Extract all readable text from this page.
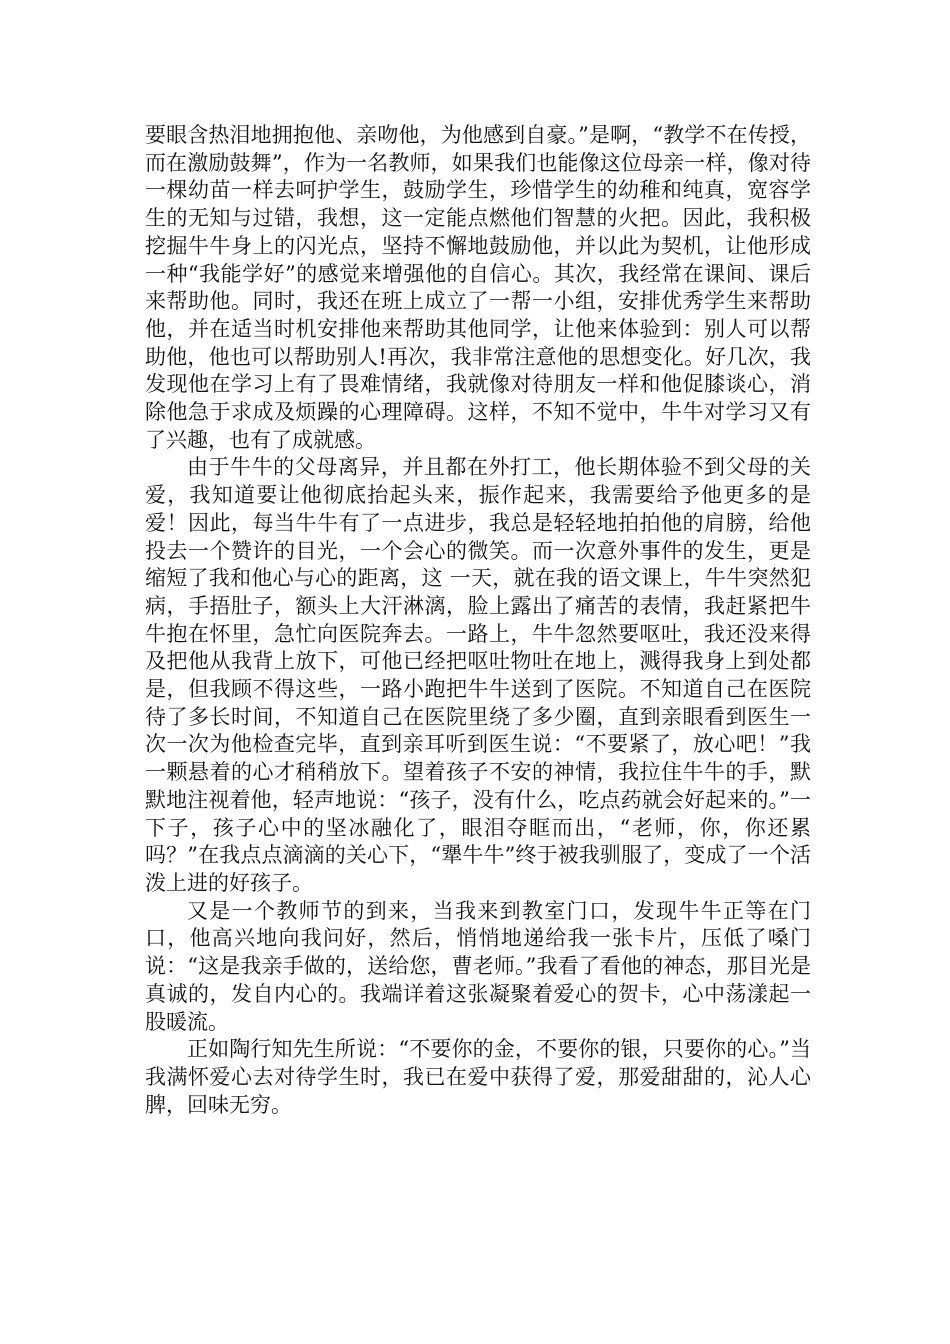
要眼含热泪地拥抱他、亲吻他，为他感到自豪。”是啊，“教学不在传授，而在激励鼓舞”，作为一名教师，如果我们也能像这位母亲一样，像对待一棵幼苗一样去呵护学生，鼓励学生，珍惜学生的幼稚和纯真，宽容学生的无知与过错，我想，这一定能点燃他们智慧的火把。因此，我积极挖掘牛牛身上的闪光点，坚持不懈地鼓励他，并以此为契机，让他形成一种“我能学好”的感觉来增强他的自信心。其次，我经常在课间、课后来帮助他。同时，我还在班上成立了一帮一小组，安排优秀学生来帮助他，并在适当时机安排他来帮助其他同学，让他来体验到：别人可以帮助他，他也可以帮助别人!再次，我非常注意他的思想变化。好几次，我发现他在学习上有了畏难情绪，我就像对待朋友一样和他促膝谈心，消除他急于求成及烦躁的心理障碍。这样，不知不觉中，牛牛对学习又有了兴趣，也有了成就感。

由于牛牛的父母离异，并且都在外打工，他长期体验不到父母的关爱，我知道要让他彻底抬起头来，振作起来，我需要给予他更多的是爱！因此，每当牛牛有了一点进步，我总是轻轻地拍拍他的肩膀，给他投去一个赞许的目光，一个会心的微笑。而一次意外事件的发生，更是缩短了我和他心与心的距离，这 一天，就在我的语文课上，牛牛突然犯病，手捂肚子，额头上大汗淋漓，脸上露出了痛苦的表情，我赶紧把牛牛抱在怀里，急忙向医院奔去。一路上，牛牛忽然要呕吐，我还没来得及把他从我背上放下，可他已经把呕吐物吐在地上，溅得我身上到处都是，但我顾不得这些，一路小跑把牛牛送到了医院。不知道自己在医院待了多长时间，不知道自己在医院里绕了多少圈，直到亲眼看到医生一次一次为他检查完毕，直到亲耳听到医生说：“不要紧了，放心吧！”我一颗悬着的心才稍稍放下。望着孩子不安的神情，我拉住牛牛的手，默默地注视着他，轻声地说：“孩子，没有什么，吃点药就会好起来的。”一下子，孩子心中的坚冰融化了，眼泪夺眶而出，“老师，你，你还累吗？”在我点点滴滴的关心下，“犟牛牛”终于被我驯服了，变成了一个活泼上进的好孩子。

又是一个教师节的到来，当我来到教室门口，发现牛牛正等在门口，他高兴地向我问好，然后，悄悄地递给我一张卡片，压低了嗓门说：“这是我亲手做的，送给您，曹老师。”我看了看他的神态，那目光是真诚的，发自内心的。我端详着这张凝聚着爱心的贺卡，心中荡漾起一股暖流。

正如陶行知先生所说：“不要你的金，不要你的银，只要你的心。”当我满怀爱心去对待学生时，我已在爱中获得了爱，那爱甜甜的，沁人心脾，回味无穷。
